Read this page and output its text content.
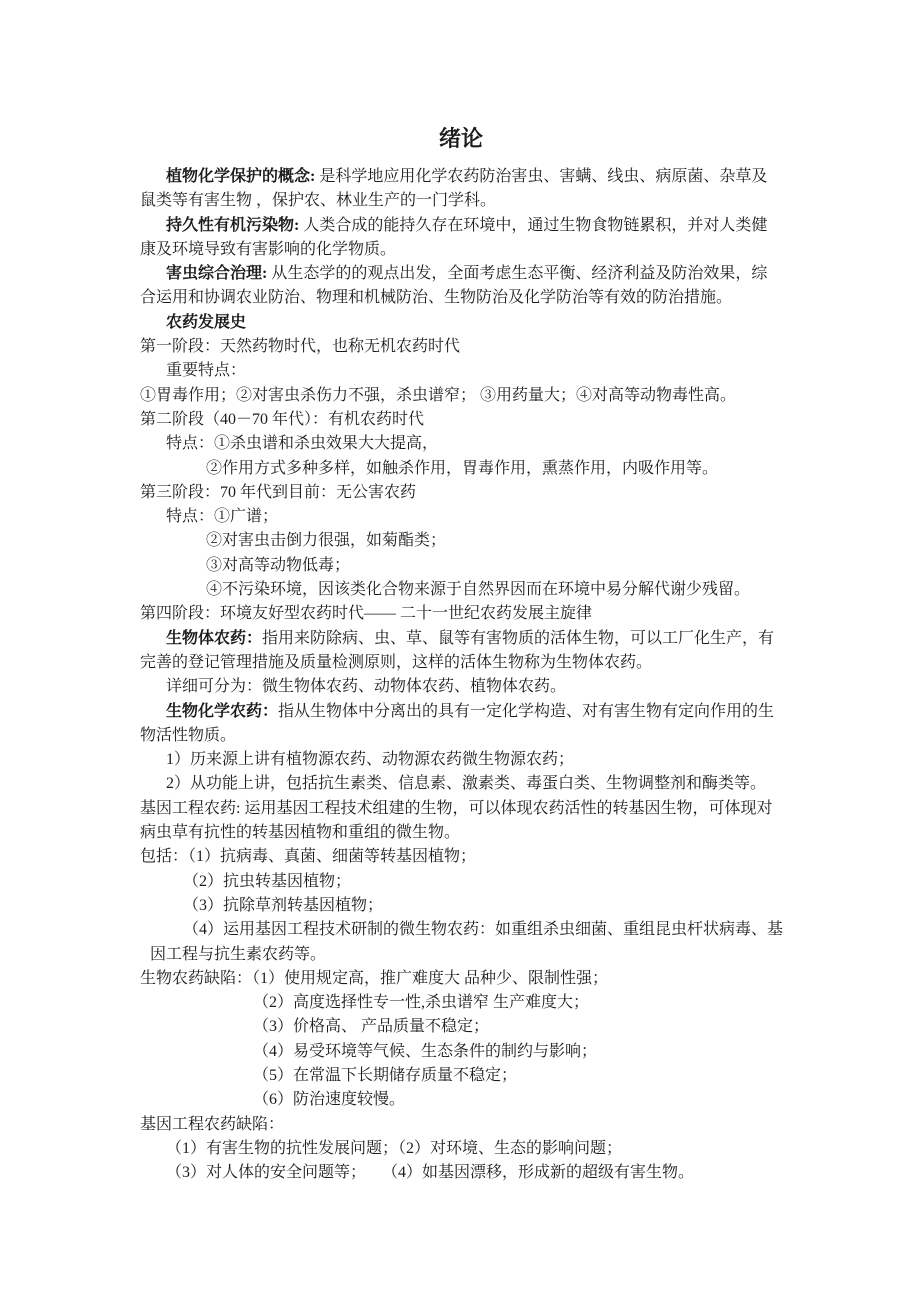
绪论
植物化学保护的概念: 是科学地应用化学农药防治害虫、害螨、线虫、病原菌、杂草及
鼠类等有害生物 ，保护农、林业生产的一门学科。
持久性有机污染物: 人类合成的能持久存在环境中，通过生物食物链累积，并对人类健
康及环境导致有害影响的化学物质。
害虫综合治理: 从生态学的的观点出发，全面考虑生态平衡、经济利益及防治效果，综
合运用和协调农业防治、物理和机械防治、生物防治及化学防治等有效的防治措施。
农药发展史
第一阶段：天然药物时代，也称无机农药时代
重要特点：
①胃毒作用；②对害虫杀伤力不强，杀虫谱窄； ③用药量大；④对高等动物毒性高。
第二阶段（40－70 年代）：有机农药时代
特点：①杀虫谱和杀虫效果大大提高，
②作用方式多种多样，如触杀作用，胃毒作用，熏蒸作用，内吸作用等。
第三阶段：70 年代到目前：无公害农药
特点：①广谱；
②对害虫击倒力很强，如菊酯类；
③对高等动物低毒；
④不污染环境，因该类化合物来源于自然界因而在环境中易分解代谢少残留。
第四阶段：环境友好型农药时代—— 二十一世纪农药发展主旋律
生物体农药：指用来防除病、虫、草、鼠等有害物质的活体生物，可以工厂化生产，有
完善的登记管理措施及质量检测原则，这样的活体生物称为生物体农药。
详细可分为：微生物体农药、动物体农药、植物体农药。
生物化学农药：指从生物体中分离出的具有一定化学构造、对有害生物有定向作用的生
物活性物质。
1）历来源上讲有植物源农药、动物源农药微生物源农药；
2）从功能上讲，包括抗生素类、信息素、激素类、毒蛋白类、生物调整剂和酶类等。
基因工程农药: 运用基因工程技术组建的生物，可以体现农药活性的转基因生物，可体现对
病虫草有抗性的转基因植物和重组的微生物。
包括：（1）抗病毒、真菌、细菌等转基因植物；
（2）抗虫转基因植物；
（3）抗除草剂转基因植物；
（4）运用基因工程技术研制的微生物农药：如重组杀虫细菌、重组昆虫杆状病毒、基
因工程与抗生素农药等。
生物农药缺陷：（1）使用规定高，推广难度大 品种少、限制性强；
（2）高度选择性专一性,杀虫谱窄 生产难度大；
（3）价格高、 产品质量不稳定；
（4）易受环境等气候、生态条件的制约与影响；
（5）在常温下长期储存质量不稳定；
（6）防治速度较慢。
基因工程农药缺陷：
（1）有害生物的抗性发展问题；（2）对环境、生态的影响问题；
（3）对人体的安全问题等；　　（4）如基因漂移，形成新的超级有害生物。
